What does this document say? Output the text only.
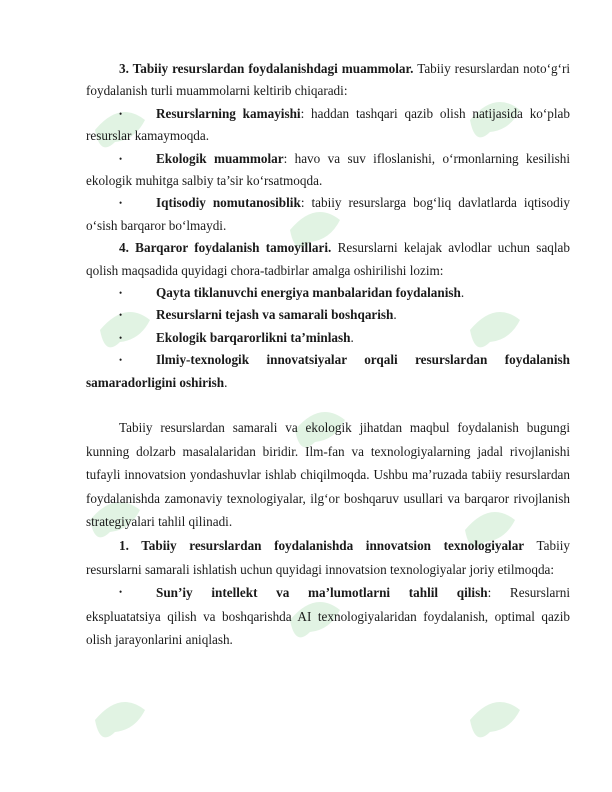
3. Tabiiy resurslardan foydalanishdagi muammolar. Tabiiy resurslardan noto‘g‘ri foydalanish turli muammolarni keltirib chiqaradi:

•	Resurslarning kamayishi: haddan tashqari qazib olish natijasida ko‘plab
resurslar kamaymoqda.
•	Ekologik muammolar: havo va suv ifloslanishi, o‘rmonlarning kesilishi
ekologik muhitga salbiy ta’sir ko‘rsatmoqda.
•	Iqtisodiy nomutanosiblik: tabiiy resurslarga bog‘liq davlatlarda iqtisodiy
o‘sish barqaror bo‘lmaydi.

4. Barqaror foydalanish tamoyillari. Resurslarni kelajak avlodlar uchun saqlab qolish maqsadida quyidagi chora-tadbirlar amalga oshirilishi lozim:

•	Qayta tiklanuvchi energiya manbalaridan foydalanish.
•	Resurslarni tejash va samarali boshqarish.
•	Ekologik barqarorlikni ta’minlash.
•	Ilmiy-texnologik innovatsiyalar orqali resurslardan foydalanish
samaradorligini oshirish.

Tabiiy resurslardan samarali va ekologik jihatdan maqbul foydalanish bugungi kunning dolzarb masalalaridan biridir. Ilm-fan va texnologiyalarning jadal rivojlanishi tufayli innovatsion yondashuvlar ishlab chiqilmoqda. Ushbu ma’ruzada tabiiy resurslardan foydalanishda zamonaviy texnologiyalar, ilg‘or boshqaruv usullari va barqaror rivojlanish strategiyalari tahlil qilinadi.

1. Tabiiy resurslardan foydalanishda innovatsion texnologiyalar Tabiiy resurslarni samarali ishlatish uchun quyidagi innovatsion texnologiyalar joriy etilmoqda:

•	Sun’iy intellekt va ma’lumotlarni tahlil qilish: Resurslarni
ekspluatatsiya qilish va boshqarishda AI texnologiyalaridan foydalanish, optimal qazib olish jarayonlarini aniqlash.
